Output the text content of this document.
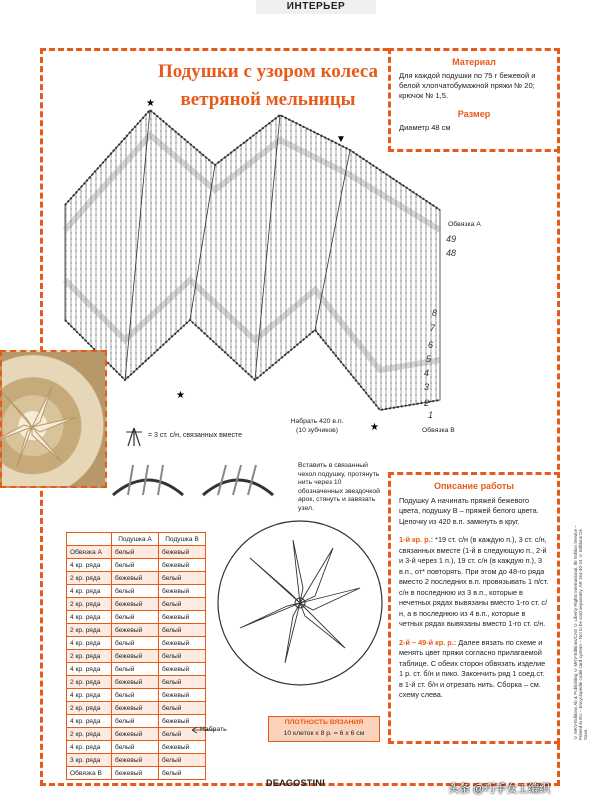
ИНТЕРЬЕР
★
★
★
▼
Обвязка А
49
48
8
7
6
5
4
3
2
1
Обвязка В
Набрать 420 в.п.
(10 зубчиков)
Подушки с узором колеса
ветряной мельницы
Материал
Для каждой подушки по 75 г бежевой и белой хлопчатобумажной пряжи № 20; крючок № 1,5.
Размер
Диаметр 48 см
= 3 ст. с/н, связанных вместе
Вставить в связанный чехол подушку, протянуть нить через 10 обозначенных звездочкой арок, стянуть и завязать узел.
	Подушка А	Подушка В
Обвязка А	белый	бежевый
4 кр. ряда	белый	бежевый
2 кр. ряда	бежевый	белый
4 кр. ряда	белый	бежевый
2 кр. ряда	бежевый	белый
4 кр. ряда	белый	бежевый
2 кр. ряда	бежевый	белый
4 кр. ряда	белый	бежевый
2 кр. ряда	бежевый	белый
4 кр. ряда	белый	бежевый
2 кр. ряда	бежевый	белый
4 кр. ряда	белый	бежевый
2 кр. ряда	бежевый	белый
4 кр. ряда	белый	бежевый
2 кр. ряда	бежевый	белый
4 кр. ряда	белый	бежевый
3 кр. ряда	бежевый	белый
Обвязка В	бежевый	белый
Набрать
ПЛОТНОСТЬ ВЯЗАНИЯ
10 клеток x 8 р. = 6 x 6 см
Описание работы

Подушку А начинать пряжей бежевого цвета, подушку В – пряжей белого цвета. Цепочку из 420 в.п. замкнуть в круг.

1-й кр. р.: *19 ст. с/н (в каждую п.), 3 ст. с/н, связанных вместе (1-й в следующую п., 2-й и 3-й через 1 п.), 19 ст. с/н (в каждую п.), 3 в.п., от* повторять. При этом до 48-го ряда вместо 2 последних в.п. провязывать 1 п/ст. с/н в последнюю из 3 в.п., которые в нечетных рядах вывязаны вместо 1-го ст. с/н, а в последнюю из 4 в.п., которые в четных рядах вывязаны вместо 1-го ст. с/н.

2-й – 49-й кр. р.: Далее вязать по схеме и менять цвет пряжи согласно прилагаемой таблице. С обеих сторон обвязать изделие 1 р. ст. б/н и пико. Закончить ряд 1 соед.ст. в 1-й ст. б/н и отрезать нить. Сборка – см. схему слева.	© MKV-Editions Ab & Publishing © MKV-Editions/CAS © Liberty Rights International. Ihr Edition Service – Printed in EU – Encyclopédie codel card system – Not to be sold separately. AR 164-40-24 © Editions De Saxe.
DEAGOSTINI	头条 @巧手女工编织
